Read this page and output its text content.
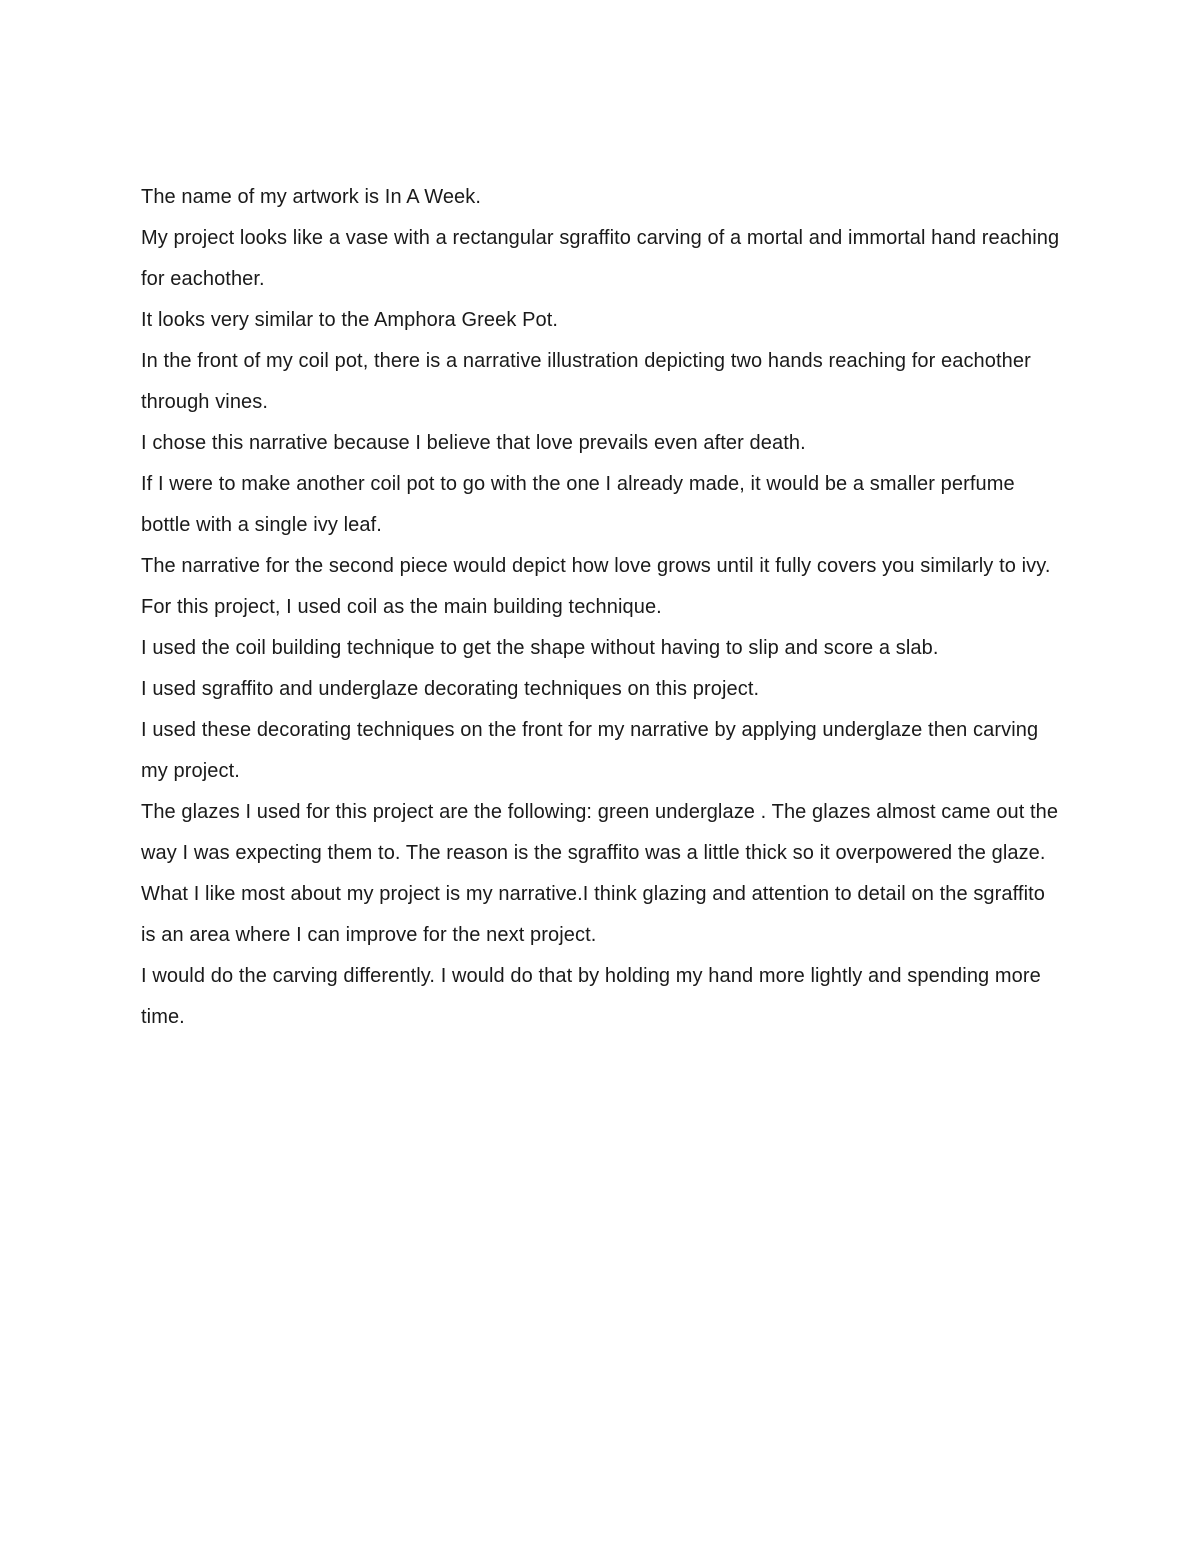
The name of my artwork is In A Week.

My project looks like a vase with a rectangular sgraffito carving of a mortal and immortal hand reaching for eachother.

It looks very similar to the Amphora Greek Pot.

In the front of my coil pot, there is a narrative illustration depicting two hands reaching for eachother through vines.

I chose this narrative because I believe that love prevails even after death.

If I were to make another coil pot to go with the one I already made, it would be a smaller perfume bottle with a single ivy leaf.

The narrative for the second piece would depict how love grows until it fully covers you similarly to ivy.

For this project, I used coil as the main building technique.

I used the coil building technique to get the shape without having to slip and score a slab.

I used sgraffito and underglaze decorating techniques on this project.

I used these decorating techniques on the front for my narrative by applying underglaze then carving my project.

The glazes I used for this project are the following: green underglaze . The glazes almost came out the way I was expecting them to. The reason is the sgraffito was a little thick so it overpowered the glaze.

What I like most about my project is my narrative.I think glazing and attention to detail on the sgraffito is an area where I can improve for the next project.

I would do the carving differently. I would do that by holding my hand more lightly and spending more time.
